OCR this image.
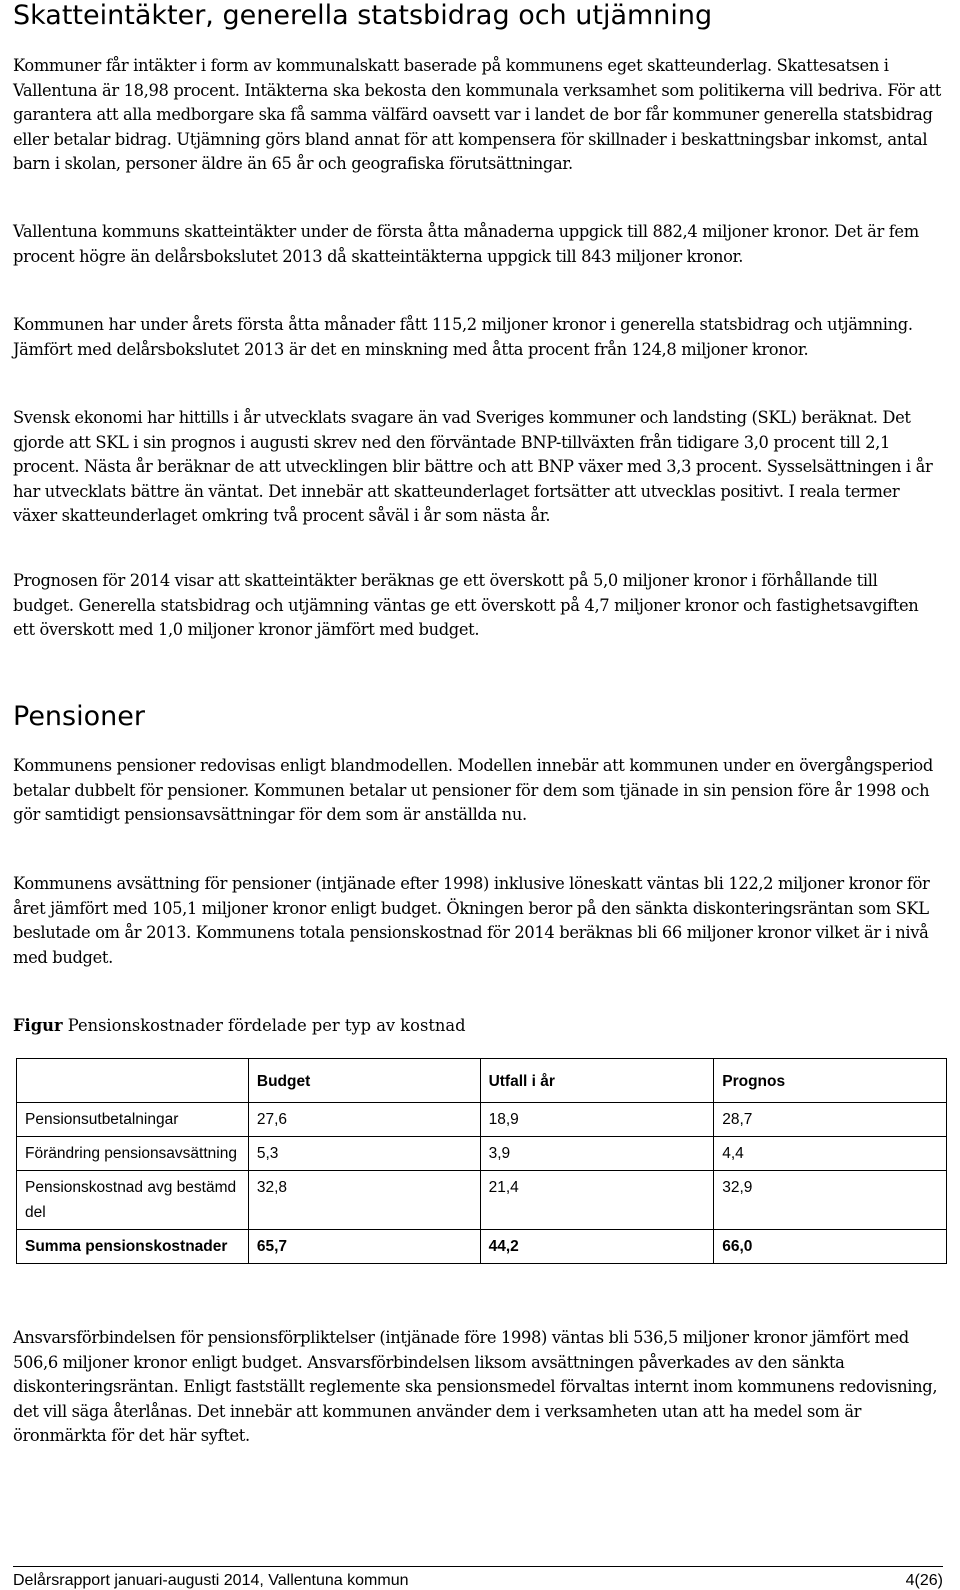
Skatteintäkter, generella statsbidrag och utjämning

Kommuner får intäkter i form av kommunalskatt baserade på kommunens eget skatteunderlag. Skattesatsen i Vallentuna är 18,98 procent. Intäkterna ska bekosta den kommunala verksamhet som politikerna vill bedriva. För att garantera att alla medborgare ska få samma välfärd oavsett var i landet de bor får kommuner generella statsbidrag eller betalar bidrag. Utjämning görs bland annat för att kompensera för skillnader i beskattningsbar inkomst, antal barn i skolan, personer äldre än 65 år och geografiska förutsättningar.

Vallentuna kommuns skatteintäkter under de första åtta månaderna uppgick till 882,4 miljoner kronor. Det är fem procent högre än delårsbokslutet 2013 då skatteintäkterna uppgick till 843 miljoner kronor.

Kommunen har under årets första åtta månader fått 115,2 miljoner kronor i generella statsbidrag och utjämning. Jämfört med delårsbokslutet 2013 är det en minskning med åtta procent från 124,8 miljoner kronor.

Svensk ekonomi har hittills i år utvecklats svagare än vad Sveriges kommuner och landsting (SKL) beräknat. Det gjorde att SKL i sin prognos i augusti skrev ned den förväntade BNP-tillväxten från tidigare 3,0 procent till 2,1 procent. Nästa år beräknar de att utvecklingen blir bättre och att BNP växer med 3,3 procent. Sysselsättningen i år har utvecklats bättre än väntat. Det innebär att skatteunderlaget fortsätter att utvecklas positivt. I reala termer växer skatteunderlaget omkring två procent såväl i år som nästa år.

Prognosen för 2014 visar att skatteintäkter beräknas ge ett överskott på 5,0 miljoner kronor i förhållande till budget. Generella statsbidrag och utjämning väntas ge ett överskott på 4,7 miljoner kronor och fastighetsavgiften ett överskott med 1,0 miljoner kronor jämfört med budget.

Pensioner

Kommunens pensioner redovisas enligt blandmodellen. Modellen innebär att kommunen under en övergångsperiod betalar dubbelt för pensioner. Kommunen betalar ut pensioner för dem som tjänade in sin pension före år 1998 och gör samtidigt pensionsavsättningar för dem som är anställda nu.

Kommunens avsättning för pensioner (intjänade efter 1998) inklusive löneskatt väntas bli 122,2 miljoner kronor för året jämfört med 105,1 miljoner kronor enligt budget. Ökningen beror på den sänkta diskonteringsräntan som SKL beslutade om år 2013. Kommunens totala pensionskostnad för 2014 beräknas bli 66 miljoner kronor vilket är i nivå med budget.

Figur Pensionskostnader fördelade per typ av kostnad
	Budget	Utfall i år	Prognos
Pensionsutbetalningar	27,6	18,9	28,7
Förändring pensionsavsättning	5,3	3,9	4,4
Pensionskostnad avg bestämd del	32,8	21,4	32,9
Summa pensionskostnader	65,7	44,2	66,0

Ansvarsförbindelsen för pensionsförpliktelser (intjänade före 1998) väntas bli 536,5 miljoner kronor jämfört med 506,6 miljoner kronor enligt budget. Ansvarsförbindelsen liksom avsättningen påverkades av den sänkta diskonteringsräntan. Enligt fastställt reglemente ska pensionsmedel förvaltas internt inom kommunens redovisning, det vill säga återlånas. Det innebär att kommunen använder dem i verksamheten utan att ha medel som är öronmärkta för det här syftet.

Delårsrapport januari-augusti 2014, Vallentuna kommun	4(26)
